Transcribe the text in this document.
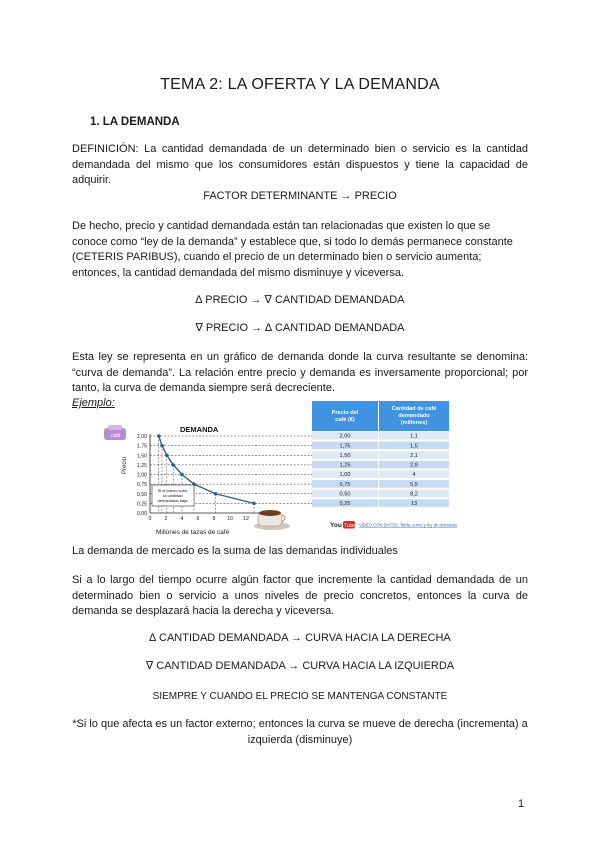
TEMA 2: LA OFERTA Y LA DEMANDA
1. LA DEMANDA
DEFINICIÓN: La cantidad demandada de un determinado bien o servicio es la cantidad demandada del mismo que los consumidores están dispuestos y tiene la capacidad de adquirir.
FACTOR DETERMINANTE → PRECIO
De hecho, precio y cantidad demandada están tan relacionadas que existen lo que se conoce como “ley de la demanda” y establece que, si todo lo demás permanece constante (CETERIS PARIBUS), cuando el precio de un determinado bien o servicio aumenta; entonces, la cantidad demandada del mismo disminuye y viceversa.
∆ PRECIO → ∇ CANTIDAD DEMANDADA
∇ PRECIO → ∆ CANTIDAD DEMANDADA
Esta ley se representa en un gráfico de demanda donde la curva resultante se denomina: “curva de demanda”. La relación entre precio y demanda es inversamente proporcional; por tanto, la curva de demanda siempre será decreciente.
Ejemplo:
café
0,00
0,25
0,50
0,75
1,00
1,25
1,50
1,75
2,00
0	2	4	6	8 10 12
DEMANDA
Precio
Millones de tazas de café
Si el precio sube,
la cantidad
demandada baja.
Precio del
café (€)
Cantidad de café
demandado
(millones)
2,00	1,1
1,75	1,5
1,50	2,1
1,25	2,9
1,00	4
0,75	5,5
0,50	8,2
0,25	13
You Tube VÍDEO CON DATOS: Tabla, curva y ley de demanda
La demanda de mercado es la suma de las demandas individuales
Si a lo largo del tiempo ocurre algún factor que incremente la cantidad demandada de un determinado bien o servicio a unos niveles de precio concretos, entonces la curva de demanda se desplazará hacia la derecha y viceversa.
∆ CANTIDAD DEMANDADA → CURVA HACIA LA DERECHA
∇ CANTIDAD DEMANDADA → CURVA HACIA LA IZQUIERDA
SIEMPRE Y CUANDO EL PRECIO SE MANTENGA CONSTANTE
*Si lo que afecta es un factor externo; entonces la curva se mueve de derecha (incrementa) a izquierda (disminuye)
1
